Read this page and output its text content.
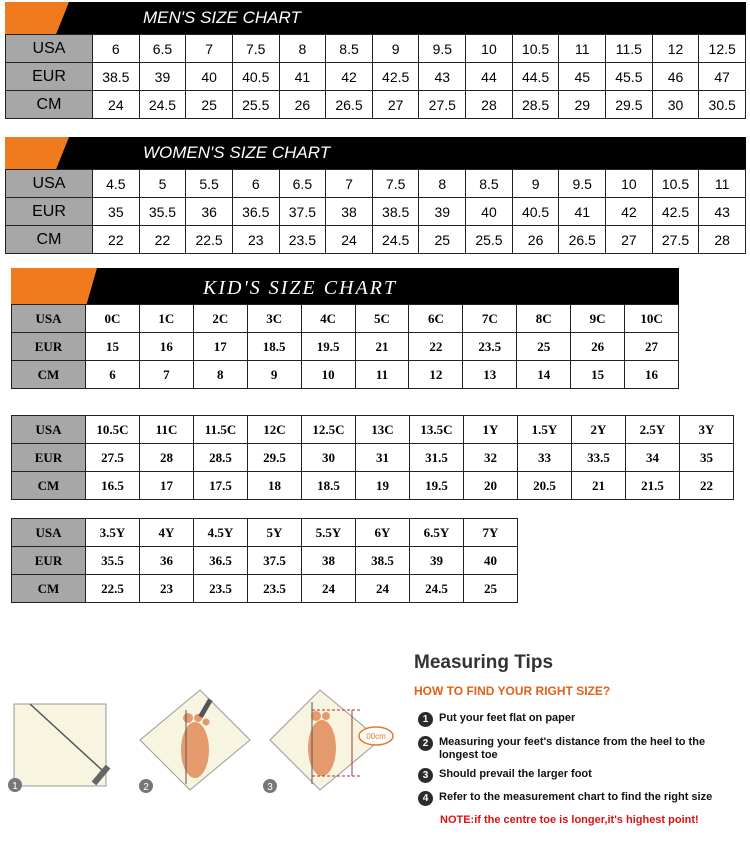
MEN'S SIZE CHART
USA	6	6.5	7	7.5	8	8.5	9	9.5	10	10.5	11	11.5	12	12.5
EUR	38.5	39	40	40.5	41	42	42.5	43	44	44.5	45	45.5	46	47
CM	24	24.5	25	25.5	26	26.5	27	27.5	28	28.5	29	29.5	30	30.5
WOMEN'S SIZE CHART
USA	4.5	5	5.5	6	6.5	7	7.5	8	8.5	9	9.5	10	10.5	11
EUR	35	35.5	36	36.5	37.5	38	38.5	39	40	40.5	41	42	42.5	43
CM	22	22	22.5	23	23.5	24	24.5	25	25.5	26	26.5	27	27.5	28
KID'S SIZE CHART
USA	0C	1C	2C	3C	4C	5C	6C	7C	8C	9C	10C
EUR	15	16	17	18.5	19.5	21	22	23.5	25	26	27
CM	6	7	8	9	10	11	12	13	14	15	16
USA	10.5C	11C	11.5C	12C	12.5C	13C	13.5C	1Y	1.5Y	2Y	2.5Y	3Y
EUR	27.5	28	28.5	29.5	30	31	31.5	32	33	33.5	34	35
CM	16.5	17	17.5	18	18.5	19	19.5	20	20.5	21	21.5	22
USA	3.5Y	4Y	4.5Y	5Y	5.5Y	6Y	6.5Y	7Y
EUR	35.5	36	36.5	37.5	38	38.5	39	40
CM	22.5	23	23.5	23.5	24	24	24.5	25
1	2
00cm
3
Measuring Tips
HOW TO FIND YOUR RIGHT SIZE?
1 Put your feet flat on paper
2 Measuring your feet's distance from the heel to the longest toe
3 Should prevail the larger foot
4 Refer to the measurement chart to find the right size
NOTE:if the centre toe is longer,it's highest point!
